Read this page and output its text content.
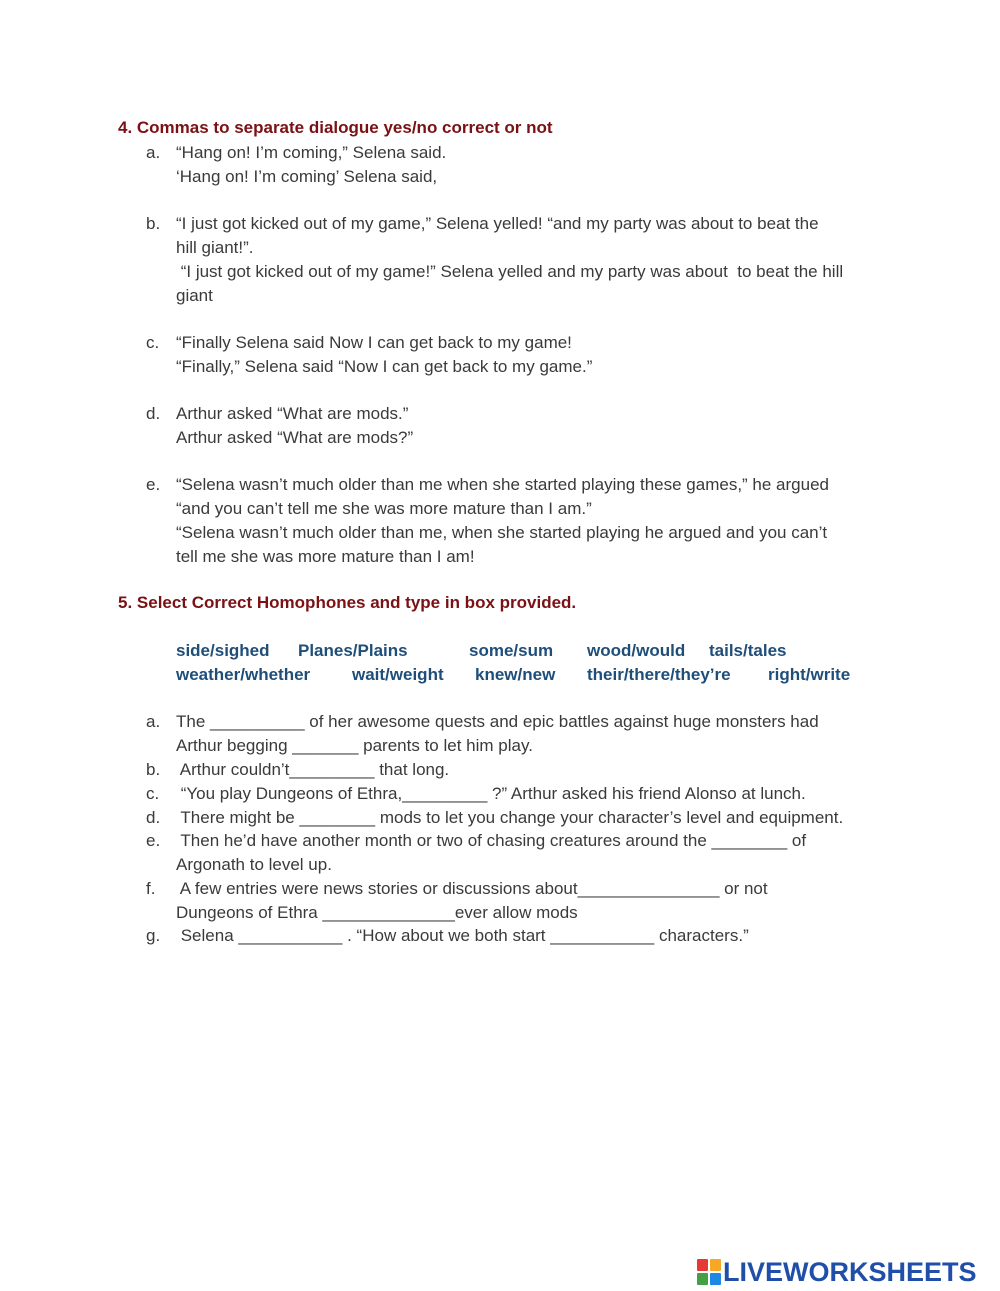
4. Commas to separate dialogue yes/no correct or not
a. “Hang on! I’m coming,” Selena said.
‘Hang on! I’m coming’ Selena said,
b. “I just got kicked out of my game,” Selena yelled! “and my party was about to beat the
hill giant!”.
“I just got kicked out of my game!” Selena yelled and my party was about  to beat the hill
giant
c. “Finally Selena said Now I can get back to my game!
“Finally,” Selena said “Now I can get back to my game.”
d. Arthur asked “What are mods.”
Arthur asked “What are mods?”
e. “Selena wasn’t much older than me when she started playing these games,” he argued
“and you can’t tell me she was more mature than I am.”
“Selena wasn’t much older than me, when she started playing he argued and you can’t
tell me she was more mature than I am!
5. Select Correct Homophones and type in box provided.
side/sighed Planes/Plains	some/sum wood/would tails/tales
weather/whether wait/weight knew/new their/there/they’re right/write
a. The __________ of her awesome quests and epic battles against huge monsters had
Arthur begging _______ parents to let him play.
b. Arthur couldn’t_________ that long.
c. “You play Dungeons of Ethra,_________ ?” Arthur asked his friend Alonso at lunch.
d. There might be ________ mods to let you change your character’s level and equipment.
e. Then he’d have another month or two of chasing creatures around the ________ of
Argonath to level up.
f. A few entries were news stories or discussions about_______________ or not
Dungeons of Ethra ______________ever allow mods
g. Selena ___________ . “How about we both start ___________ characters.”
LIVEWORKSHEETS
